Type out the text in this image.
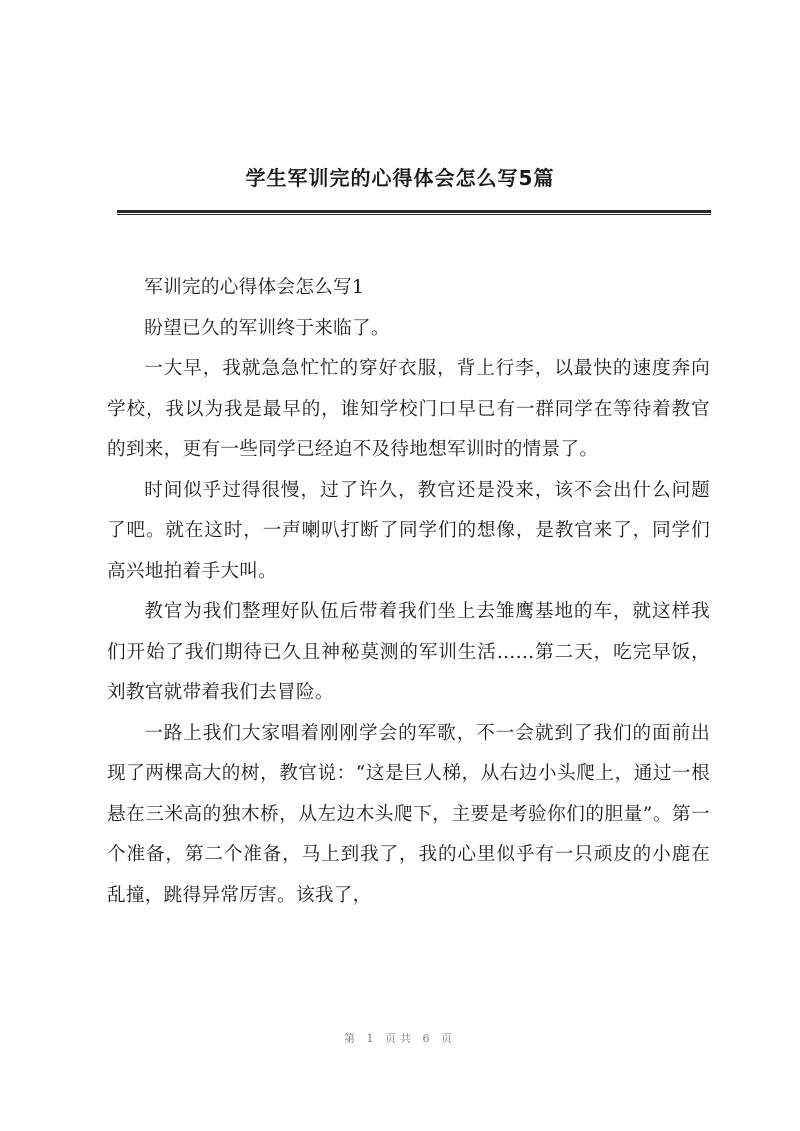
学生军训完的心得体会怎么写5篇

军训完的心得体会怎么写1

盼望已久的军训终于来临了。

一大早，我就急急忙忙的穿好衣服，背上行李，以最快的速度奔向学校，我以为我是最早的，谁知学校门口早已有一群同学在等待着教官的到来，更有一些同学已经迫不及待地想军训时的情景了。

时间似乎过得很慢，过了许久，教官还是没来，该不会出什么问题了吧。就在这时，一声喇叭打断了同学们的想像，是教官来了，同学们高兴地拍着手大叫。

教官为我们整理好队伍后带着我们坐上去雏鹰基地的车，就这样我们开始了我们期待已久且神秘莫测的军训生活……第二天，吃完早饭，刘教官就带着我们去冒险。

一路上我们大家唱着刚刚学会的军歌，不一会就到了我们的面前出现了两棵高大的树，教官说：“这是巨人梯，从右边小头爬上，通过一根悬在三米高的独木桥，从左边木头爬下，主要是考验你们的胆量”。第一个准备，第二个准备，马上到我了，我的心里似乎有一只顽皮的小鹿在乱撞，跳得异常厉害。该我了，

第 1 页共 6 页
